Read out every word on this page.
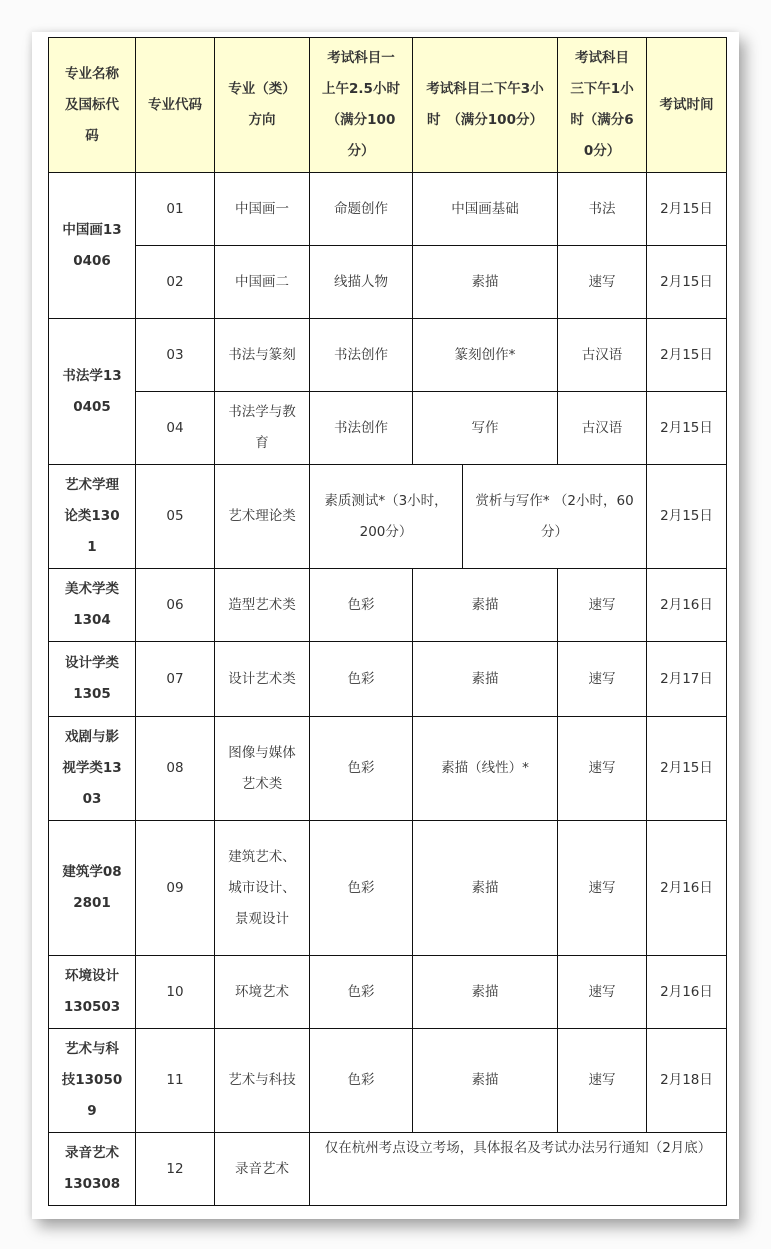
专业名称及国标代码	专业代码	专业（类）方向	考试科目一上午2.5小时（满分100分）	考试科目二下午3小时　（满分100分）		考试科目三下午1小时（满分60分）	考试时间
中国画130406	01	中国画一	命题创作	中国画基础		书法	2月15日
	02	中国画二	线描人物	素描		速写	2月15日
书法学130405	03	书法与篆刻	书法创作	篆刻创作*		古汉语	2月15日
	04	书法学与教育	书法创作	写作		古汉语	2月15日
艺术学理论类1301	05	艺术理论类	素质测试*（3小时，200分）		赏析与写作* （2小时，60分）		2月15日
美术学类1304	06	造型艺术类	色彩	素描		速写	2月16日
设计学类1305	07	设计艺术类	色彩	素描		速写	2月17日
戏剧与影视学类1303	08	图像与媒体艺术类	色彩	素描（线性）*		速写	2月15日
建筑学082801	09	建筑艺术、城市设计、景观设计	色彩	素描		速写	2月16日
环境设计130503	10	环境艺术	色彩	素描		速写	2月16日
艺术与科技130509	11	艺术与科技	色彩	素描		速写	2月18日
录音艺术130308	12	录音艺术	仅在杭州考点设立考场，具体报名及考试办法另行通知（2月底）				
